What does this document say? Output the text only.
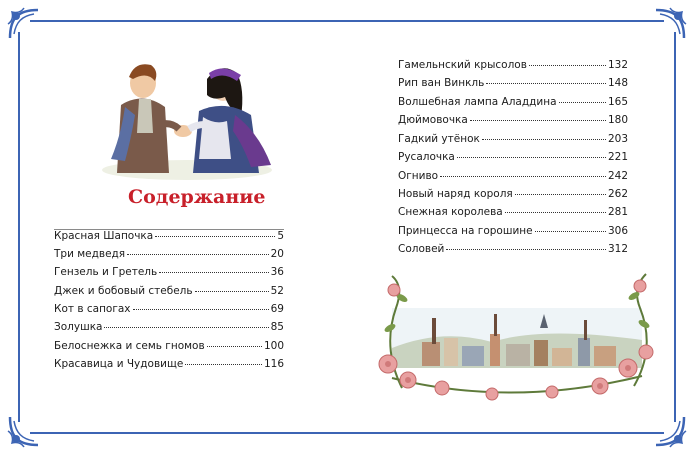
Содержание
Красная Шапочка	5
Три медведя	20
Гензель и Гретель	36
Джек и бобовый стебель	52
Кот в сапогах	69
Золушка	85
Белоснежка и семь гномов	100
Красавица и Чудовище	116
Гамельнский крысолов	132
Рип ван Винкль	148
Волшебная лампа Аладдина	165
Дюймовочка	180
Гадкий утёнок	203
Русалочка	221
Огниво	242
Новый наряд короля	262
Снежная королева	281
Принцесса на горошине	306
Соловей	312
